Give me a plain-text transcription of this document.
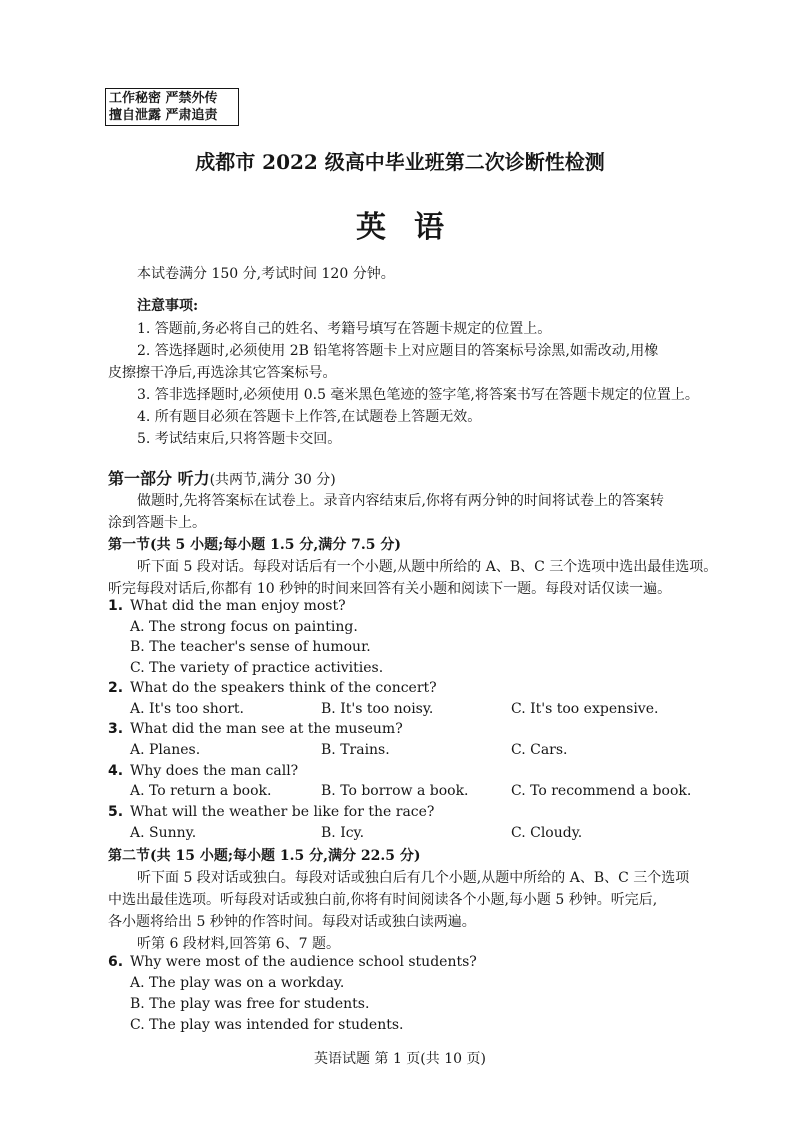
工作秘密 严禁外传
擅自泄露 严肃追责
成都市 2022 级高中毕业班第二次诊断性检测
英语
本试卷满分 150 分,考试时间 120 分钟。
注意事项:
1. 答题前,务必将自己的姓名、考籍号填写在答题卡规定的位置上。
2. 答选择题时,必须使用 2B 铅笔将答题卡上对应题目的答案标号涂黑,如需改动,用橡
皮擦擦干净后,再选涂其它答案标号。
3. 答非选择题时,必须使用 0.5 毫米黑色笔迹的签字笔,将答案书写在答题卡规定的位置上。
4. 所有题目必须在答题卡上作答,在试题卷上答题无效。
5. 考试结束后,只将答题卡交回。
第一部分 听力(共两节,满分 30 分)
做题时,先将答案标在试卷上。录音内容结束后,你将有两分钟的时间将试卷上的答案转
涂到答题卡上。
第一节(共 5 小题;每小题 1.5 分,满分 7.5 分)
听下面 5 段对话。每段对话后有一个小题,从题中所给的 A、B、C 三个选项中选出最佳选项。
听完每段对话后,你都有 10 秒钟的时间来回答有关小题和阅读下一题。每段对话仅读一遍。
1. What did the man enjoy most?
A. The strong focus on painting.
B. The teacher's sense of humour.
C. The variety of practice activities.
2. What do the speakers think of the concert?
A. It's too short.	B. It's too noisy.	C. It's too expensive.
3. What did the man see at the museum?
A. Planes.	B. Trains.	C. Cars.
4. Why does the man call?
A. To return a book.	B. To borrow a book.	C. To recommend a book.
5. What will the weather be like for the race?
A. Sunny.	B. Icy.	C. Cloudy.
第二节(共 15 小题;每小题 1.5 分,满分 22.5 分)
听下面 5 段对话或独白。每段对话或独白后有几个小题,从题中所给的 A、B、C 三个选项
中选出最佳选项。听每段对话或独白前,你将有时间阅读各个小题,每小题 5 秒钟。听完后,
各小题将给出 5 秒钟的作答时间。每段对话或独白读两遍。
听第 6 段材料,回答第 6、7 题。
6. Why were most of the audience school students?
A. The play was on a workday.
B. The play was free for students.
C. The play was intended for students.
英语试题 第 1 页(共 10 页)
